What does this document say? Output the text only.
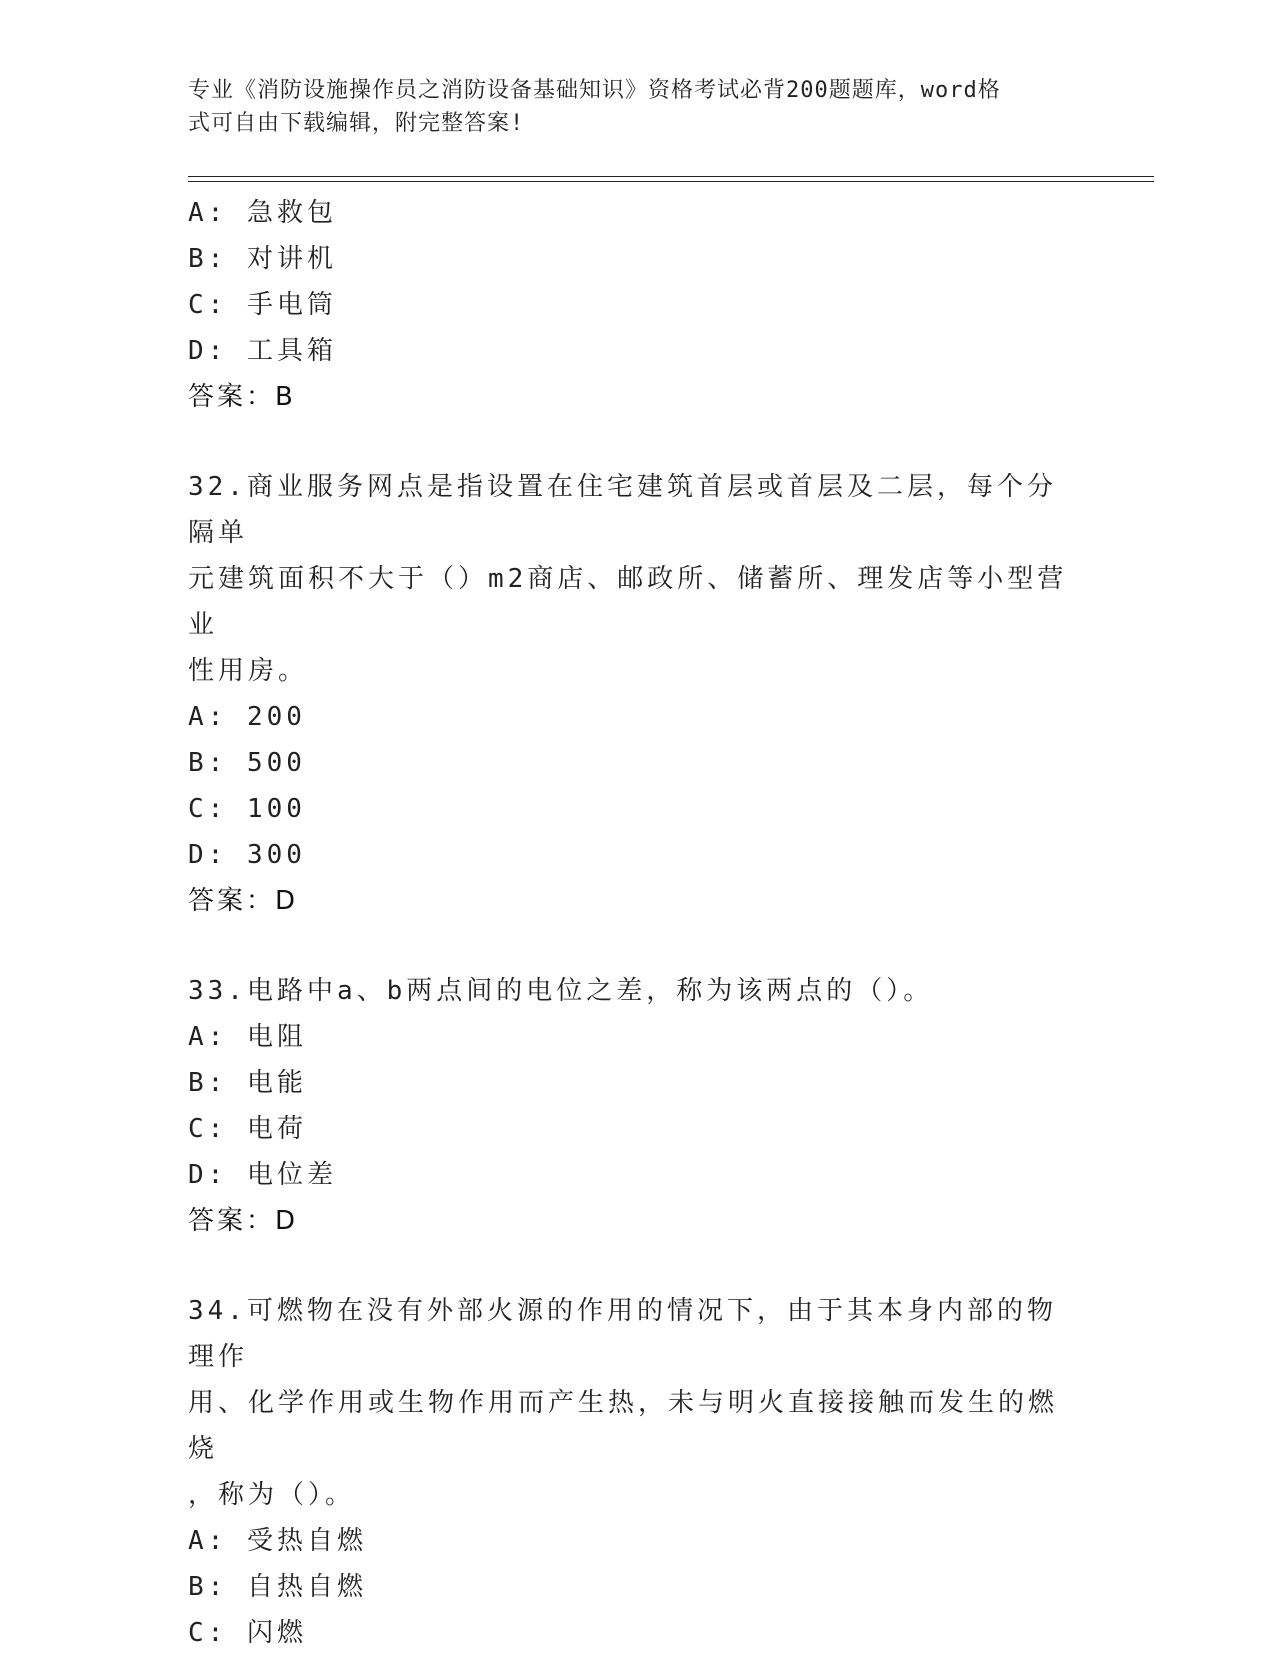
专业《消防设施操作员之消防设备基础知识》资格考试必背200题题库，word格
式可自由下载编辑，附完整答案!
A: 急救包
B: 对讲机
C: 手电筒
D: 工具箱
答案：B
32.商业服务网点是指设置在住宅建筑首层或首层及二层，每个分隔单
元建筑面积不大于（）m2商店、邮政所、储蓄所、理发店等小型营业
性用房。
A: 200
B: 500
C: 100
D: 300
答案：D
33.电路中a、b两点间的电位之差，称为该两点的（）。
A: 电阻
B: 电能
C: 电荷
D: 电位差
答案：D
34.可燃物在没有外部火源的作用的情况下，由于其本身内部的物理作
用、化学作用或生物作用而产生热，未与明火直接接触而发生的燃烧
，称为（）。
A: 受热自燃
B: 自热自燃
C: 闪燃
